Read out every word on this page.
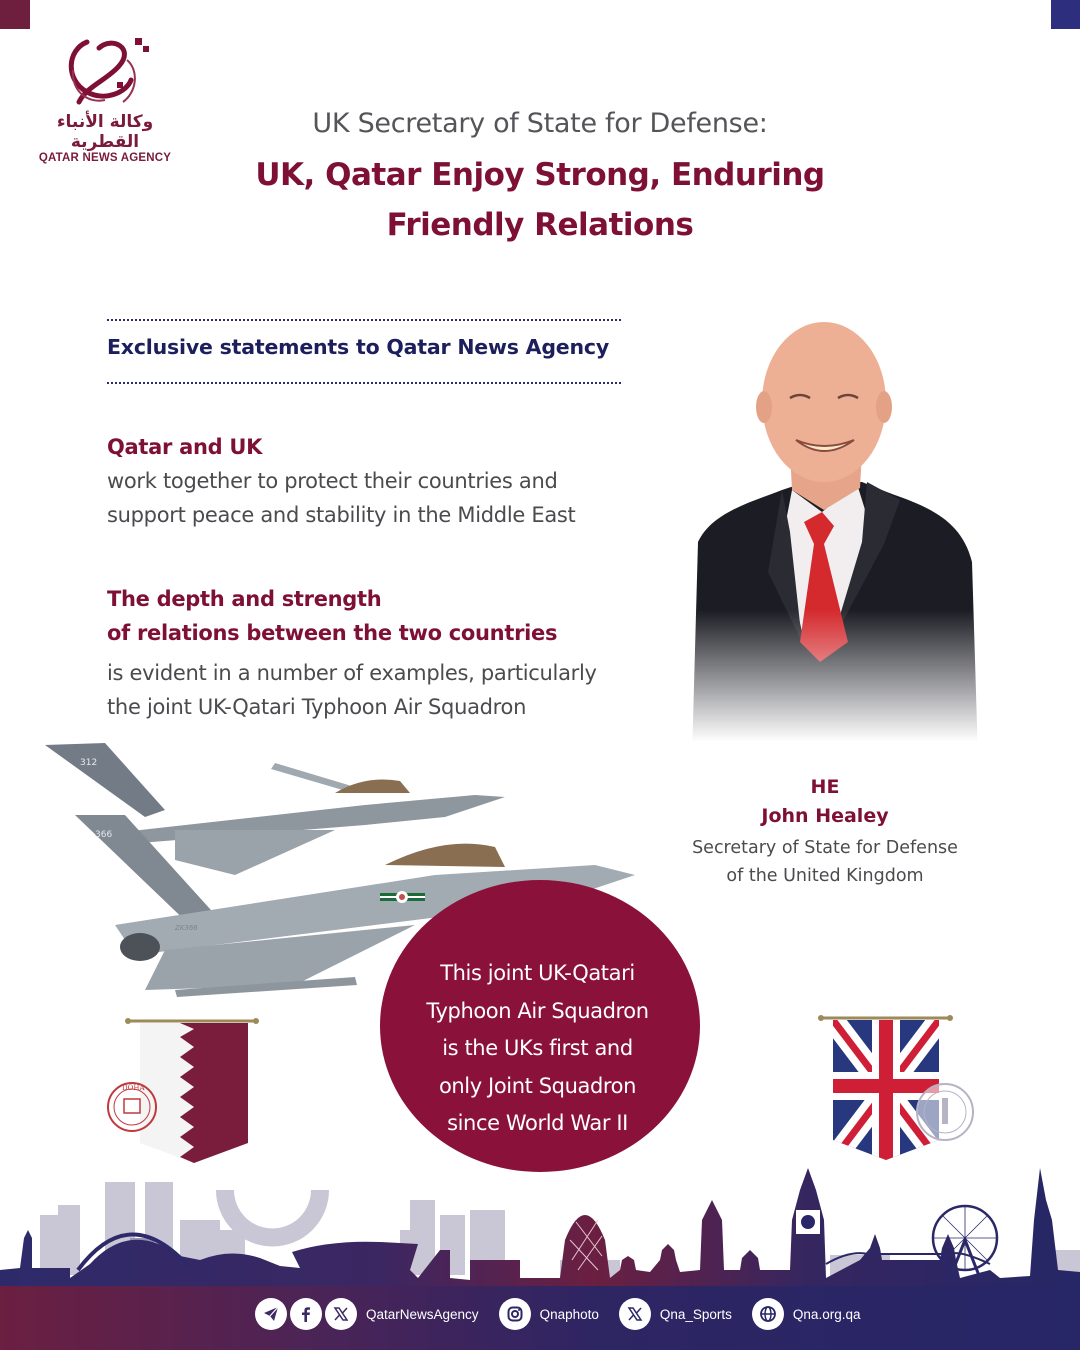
وكالة الأنباء القطرية
QATAR NEWS AGENCY
UK Secretary of State for Defense:
UK, Qatar Enjoy Strong, Enduring
Friendly Relations
Exclusive statements to Qatar News Agency
Qatar and UK
work together to protect their countries and
support peace and stability in the Middle East
The depth and strength
of relations between the two countries
is evident in a number of examples, particularly
the joint UK-Qatari Typhoon Air Squadron
HE
John Healey
Secretary of State for Defense
of the United Kingdom
312
366
ZK366
This joint UK-Qatari
Typhoon Air Squadron
is the UKs first and
only Joint Squadron
since World War II
DOHA
QatarNewsAgency	Qnaphoto	Qna_Sports	Qna.org.qa
